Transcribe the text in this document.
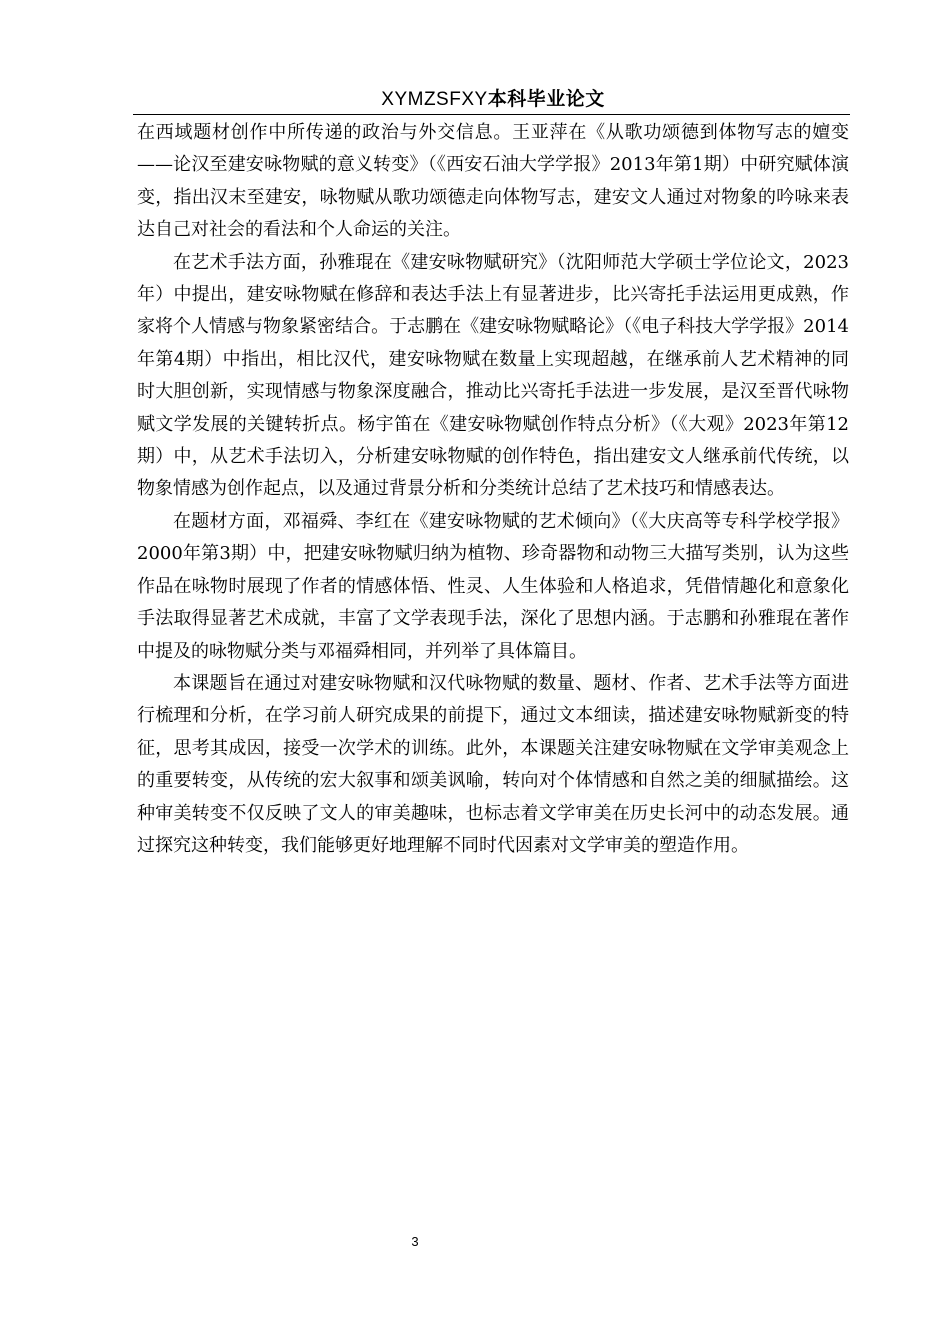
XYMZSFXY本科毕业论文

在西域题材创作中所传递的政治与外交信息。王亚萍在《从歌功颂德到体物写志的嬗变——论汉至建安咏物赋的意义转变》（《西安石油大学学报》2013年第1期）中研究赋体演变，指出汉末至建安，咏物赋从歌功颂德走向体物写志，建安文人通过对物象的吟咏来表达自己对社会的看法和个人命运的关注。

在艺术手法方面，孙雅琨在《建安咏物赋研究》（沈阳师范大学硕士学位论文，2023年）中提出，建安咏物赋在修辞和表达手法上有显著进步，比兴寄托手法运用更成熟，作家将个人情感与物象紧密结合。于志鹏在《建安咏物赋略论》（《电子科技大学学报》2014年第4期）中指出，相比汉代，建安咏物赋在数量上实现超越，在继承前人艺术精神的同时大胆创新，实现情感与物象深度融合，推动比兴寄托手法进一步发展，是汉至晋代咏物赋文学发展的关键转折点。杨宇笛在《建安咏物赋创作特点分析》（《大观》2023年第12期）中，从艺术手法切入，分析建安咏物赋的创作特色，指出建安文人继承前代传统，以物象情感为创作起点，以及通过背景分析和分类统计总结了艺术技巧和情感表达。

在题材方面，邓福舜、李红在《建安咏物赋的艺术倾向》（《大庆高等专科学校学报》2000年第3期）中，把建安咏物赋归纳为植物、珍奇器物和动物三大描写类别，认为这些作品在咏物时展现了作者的情感体悟、性灵、人生体验和人格追求，凭借情趣化和意象化手法取得显著艺术成就，丰富了文学表现手法，深化了思想内涵。于志鹏和孙雅琨在著作中提及的咏物赋分类与邓福舜相同，并列举了具体篇目。

本课题旨在通过对建安咏物赋和汉代咏物赋的数量、题材、作者、艺术手法等方面进行梳理和分析，在学习前人研究成果的前提下，通过文本细读，描述建安咏物赋新变的特征，思考其成因，接受一次学术的训练。此外，本课题关注建安咏物赋在文学审美观念上的重要转变，从传统的宏大叙事和颂美讽喻，转向对个体情感和自然之美的细腻描绘。这种审美转变不仅反映了文人的审美趣味，也标志着文学审美在历史长河中的动态发展。通过探究这种转变，我们能够更好地理解不同时代因素对文学审美的塑造作用。

3
